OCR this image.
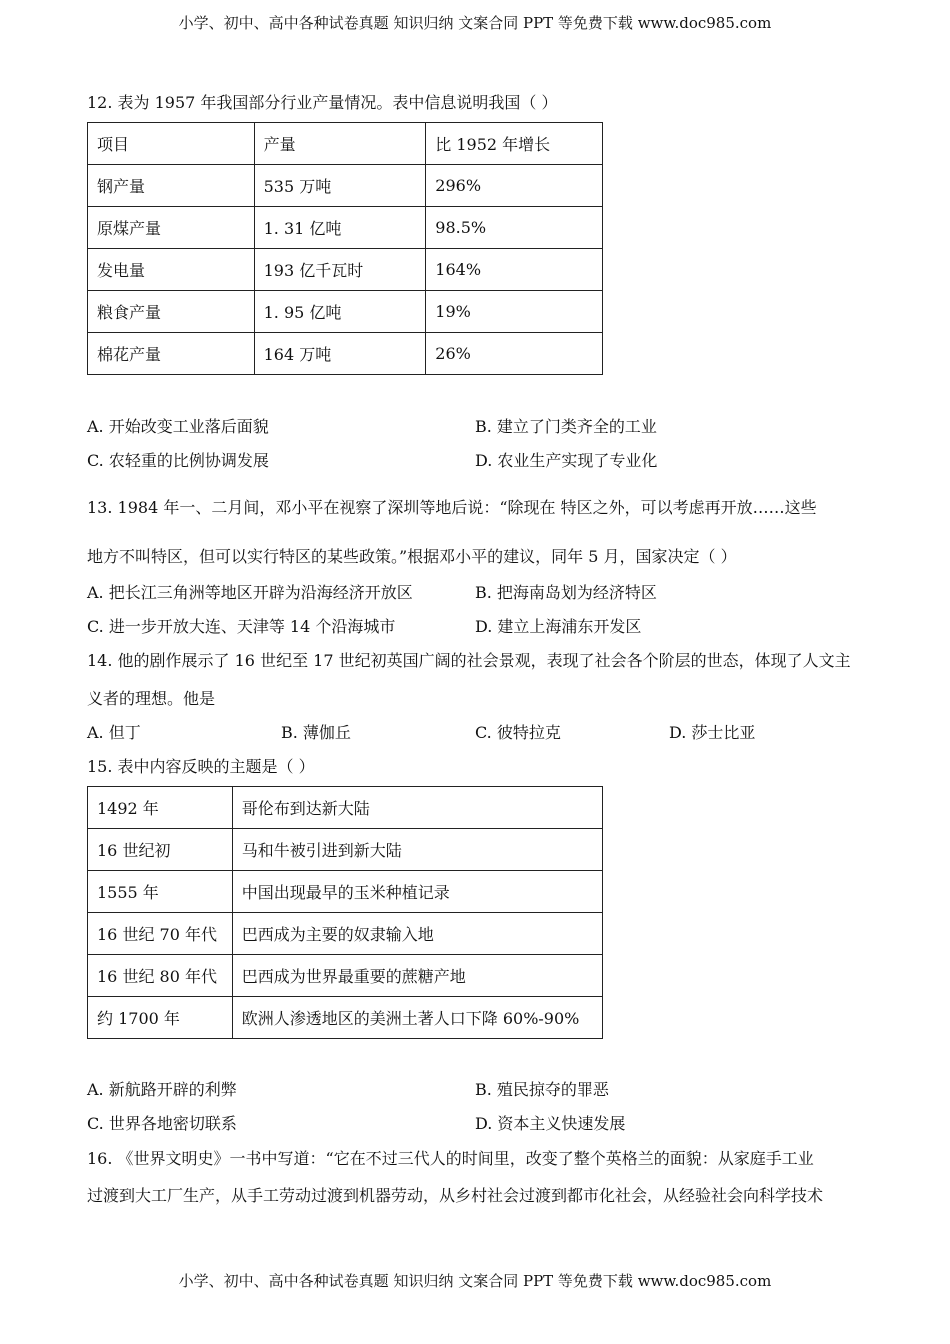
小学、初中、高中各种试卷真题 知识归纳 文案合同 PPT 等免费下载 www.doc985.com
12. 表为 1957 年我国部分行业产量情况。表中信息说明我国（ ）
项目	产量	比 1952 年增长
钢产量	535 万吨	296%
原煤产量	1. 31 亿吨	98.5%
发电量	193 亿千瓦时	164%
粮食产量	1. 95 亿吨	19%
棉花产量	164 万吨	26%
A. 开始改变工业落后面貌	B. 建立了门类齐全的工业
C. 农轻重的比例协调发展	D. 农业生产实现了专业化
13. 1984 年一、二月间，邓小平在视察了深圳等地后说：“除现在 特区之外，可以考虑再开放……这些
地方不叫特区，但可以实行特区的某些政策。”根据邓小平的建议，同年 5 月，国家决定（ ）
A. 把长江三角洲等地区开辟为沿海经济开放区	B. 把海南岛划为经济特区
C. 进一步开放大连、天津等 14 个沿海城市	D. 建立上海浦东开发区
14. 他的剧作展示了 16 世纪至 17 世纪初英国广阔的社会景观，表现了社会各个阶层的世态，体现了人文主
义者的理想。他是
A. 但丁	B. 薄伽丘	C. 彼特拉克	D. 莎士比亚
15. 表中内容反映的主题是（ ）
1492 年	哥伦布到达新大陆
16 世纪初	马和牛被引进到新大陆
1555 年	中国出现最早的玉米种植记录
16 世纪 70 年代	巴西成为主要的奴隶输入地
16 世纪 80 年代	巴西成为世界最重要的蔗糖产地
约 1700 年	欧洲人渗透地区的美洲土著人口下降 60%-90%
A. 新航路开辟的利弊	B. 殖民掠夺的罪恶
C. 世界各地密切联系	D. 资本主义快速发展
16. 《世界文明史》一书中写道：“它在不过三代人的时间里，改变了整个英格兰的面貌：从家庭手工业
过渡到大工厂生产，从手工劳动过渡到机器劳动，从乡村社会过渡到都市化社会，从经验社会向科学技术
小学、初中、高中各种试卷真题 知识归纳 文案合同 PPT 等免费下载 www.doc985.com
